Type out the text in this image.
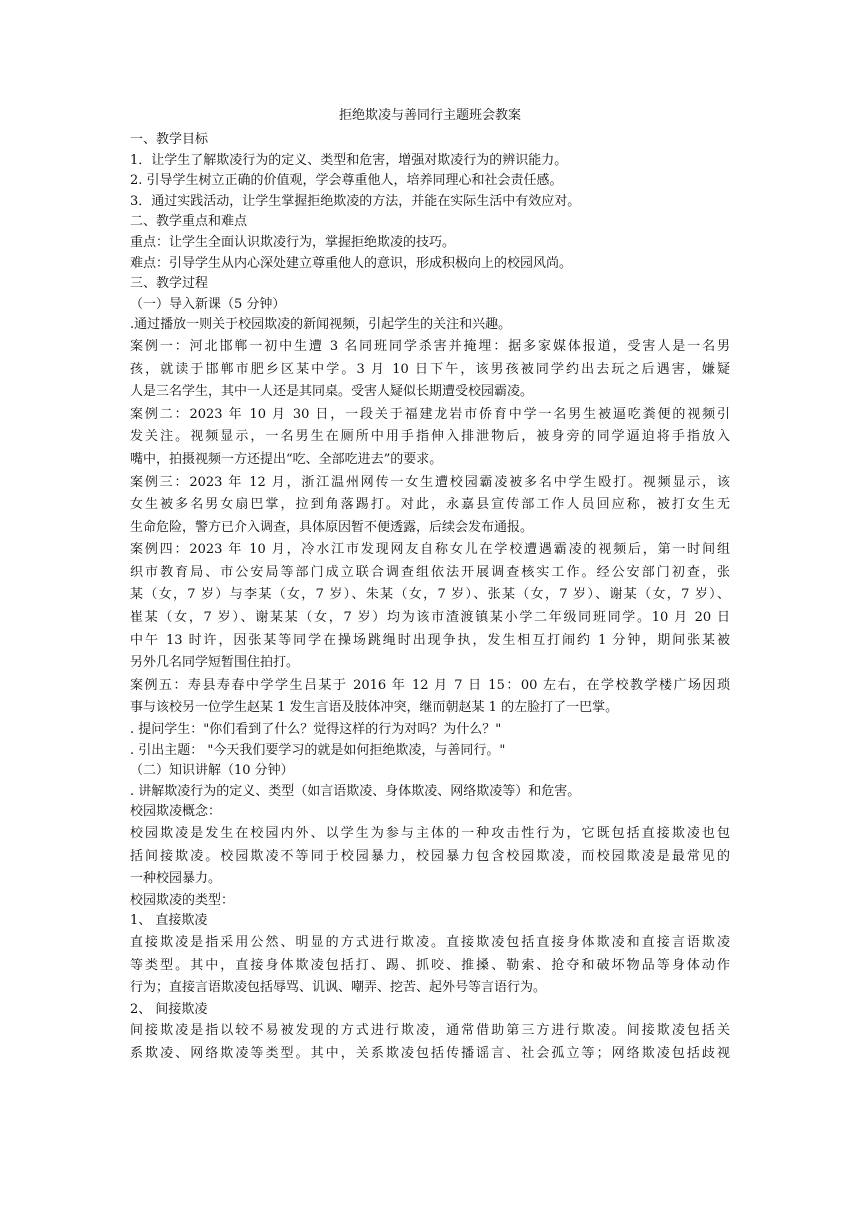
拒绝欺凌与善同行主题班会教案
一、教学目标
1．让学生了解欺凌行为的定义、类型和危害，增强对欺凌行为的辨识能力。
2. 引导学生树立正确的价值观，学会尊重他人，培养同理心和社会责任感。
3．通过实践活动，让学生掌握拒绝欺凌的方法，并能在实际生活中有效应对。
二、教学重点和难点
重点：让学生全面认识欺凌行为，掌握拒绝欺凌的技巧。
难点：引导学生从内心深处建立尊重他人的意识，形成积极向上的校园风尚。
三、教学过程
（一）导入新课（5 分钟）
.通过播放一则关于校园欺凌的新闻视频，引起学生的关注和兴趣。
案例一：河北邯郸一初中生遭 3 名同班同学杀害并掩埋：据多家媒体报道，受害人是一名男
孩，就读于邯郸市肥乡区某中学。3 月 10 日下午，该男孩被同学约出去玩之后遇害，嫌疑
人是三名学生，其中一人还是其同桌。受害人疑似长期遭受校园霸凌。
案例二：2023 年 10 月 30 日，一段关于福建龙岩市侨育中学一名男生被逼吃粪便的视频引
发关注。视频显示，一名男生在厕所中用手指伸入排泄物后，被身旁的同学逼迫将手指放入
嘴中，拍摄视频一方还提出“吃、全部吃进去”的要求。
案例三：2023 年 12 月，浙江温州网传一女生遭校园霸凌被多名中学生殴打。视频显示，该
女生被多名男女扇巴掌，拉到角落踢打。对此，永嘉县宣传部工作人员回应称，被打女生无
生命危险，警方已介入调查，具体原因暂不便透露，后续会发布通报。
案例四：2023 年 10 月，冷水江市发现网友自称女儿在学校遭遇霸凌的视频后，第一时间组
织市教育局、市公安局等部门成立联合调查组依法开展调查核实工作。经公安部门初查，张
某（女，7 岁）与李某（女，7 岁）、朱某（女，7 岁）、张某（女，7 岁）、谢某（女，7 岁）、
崔某（女，7 岁）、谢某某（女，7 岁）均为该市渣渡镇某小学二年级同班同学。10 月 20 日
中午 13 时许，因张某等同学在操场跳绳时出现争执，发生相互打闹约 1 分钟，期间张某被
另外几名同学短暂围住拍打。
案例五：寿县寿春中学学生吕某于 2016 年 12 月 7 日 15：00 左右，在学校教学楼广场因琐
事与该校另一位学生赵某 1 发生言语及肢体冲突，继而朝赵某 1 的左脸打了一巴掌。
. 提问学生："你们看到了什么？觉得这样的行为对吗？为什么？"
. 引出主题： "今天我们要学习的就是如何拒绝欺凌，与善同行。"
（二）知识讲解（10 分钟）
. 讲解欺凌行为的定义、类型（如言语欺凌、身体欺凌、网络欺凌等）和危害。
校园欺凌概念：
校园欺凌是发生在校园内外、以学生为参与主体的一种攻击性行为，它既包括直接欺凌也包
括间接欺凌。校园欺凌不等同于校园暴力，校园暴力包含校园欺凌，而校园欺凌是最常见的
一种校园暴力。
校园欺凌的类型：
1、 直接欺凌
直接欺凌是指采用公然、明显的方式进行欺凌。直接欺凌包括直接身体欺凌和直接言语欺凌
等类型。其中，直接身体欺凌包括打、踢、抓咬、推搡、勒索、抢夺和破坏物品等身体动作
行为；直接言语欺凌包括辱骂、讥讽、嘲弄、挖苦、起外号等言语行为。
2、 间接欺凌
间接欺凌是指以较不易被发现的方式进行欺凌，通常借助第三方进行欺凌。间接欺凌包括关
系欺凌、网络欺凌等类型。其中，关系欺凌包括传播谣言、社会孤立等；网络欺凌包括歧视
